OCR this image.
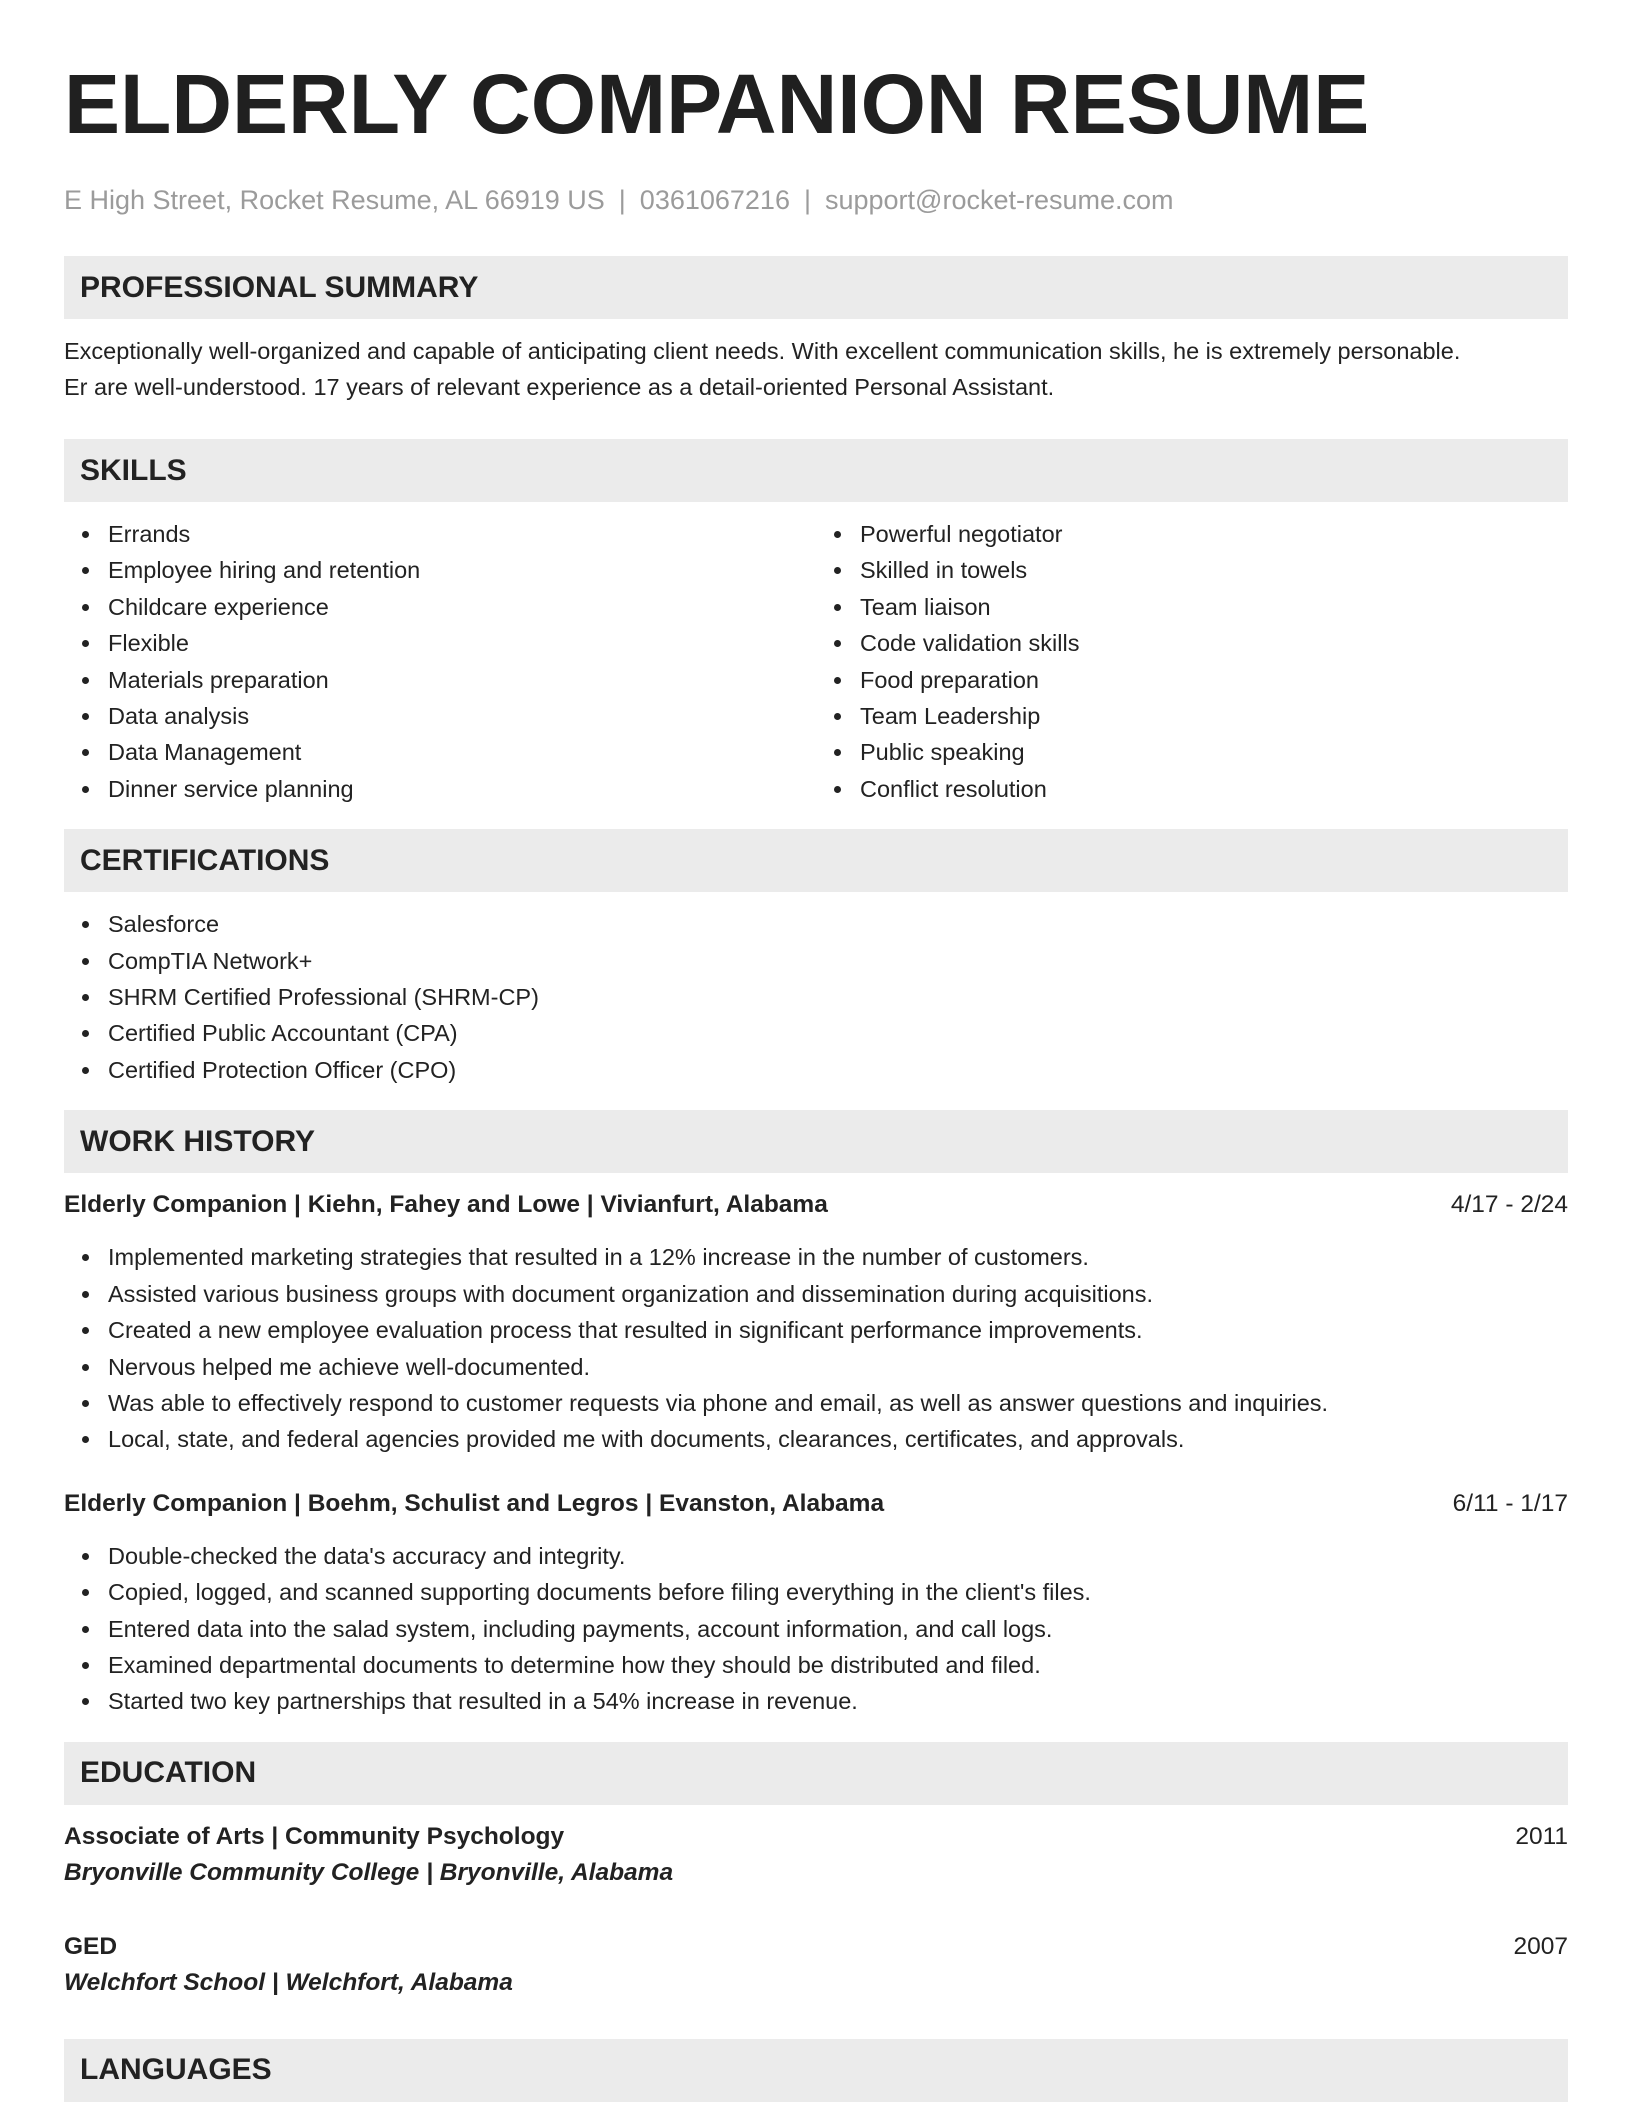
ELDERLY COMPANION RESUME
E High Street, Rocket Resume, AL 66919 US | 0361067216 | support@rocket-resume.com
PROFESSIONAL SUMMARY
Exceptionally well-organized and capable of anticipating client needs. With excellent communication skills, he is extremely personable.
Er are well-understood. 17 years of relevant experience as a detail-oriented Personal Assistant.
SKILLS
Errands
Employee hiring and retention
Childcare experience
Flexible
Materials preparation
Data analysis
Data Management
Dinner service planning
Powerful negotiator
Skilled in towels
Team liaison
Code validation skills
Food preparation
Team Leadership
Public speaking
Conflict resolution
CERTIFICATIONS
Salesforce
CompTIA Network+
SHRM Certified Professional (SHRM-CP)
Certified Public Accountant (CPA)
Certified Protection Officer (CPO)
WORK HISTORY
Elderly Companion | Kiehn, Fahey and Lowe | Vivianfurt, Alabama	4/17 - 2/24
Implemented marketing strategies that resulted in a 12% increase in the number of customers.
Assisted various business groups with document organization and dissemination during acquisitions.
Created a new employee evaluation process that resulted in significant performance improvements.
Nervous helped me achieve well-documented.
Was able to effectively respond to customer requests via phone and email, as well as answer questions and inquiries.
Local, state, and federal agencies provided me with documents, clearances, certificates, and approvals.
Elderly Companion | Boehm, Schulist and Legros | Evanston, Alabama	6/11 - 1/17
Double-checked the data's accuracy and integrity.
Copied, logged, and scanned supporting documents before filing everything in the client's files.
Entered data into the salad system, including payments, account information, and call logs.
Examined departmental documents to determine how they should be distributed and filed.
Started two key partnerships that resulted in a 54% increase in revenue.
EDUCATION
Associate of Arts | Community Psychology	2011
Bryonville Community College | Bryonville, Alabama
GED	2007
Welchfort School | Welchfort, Alabama
LANGUAGES
